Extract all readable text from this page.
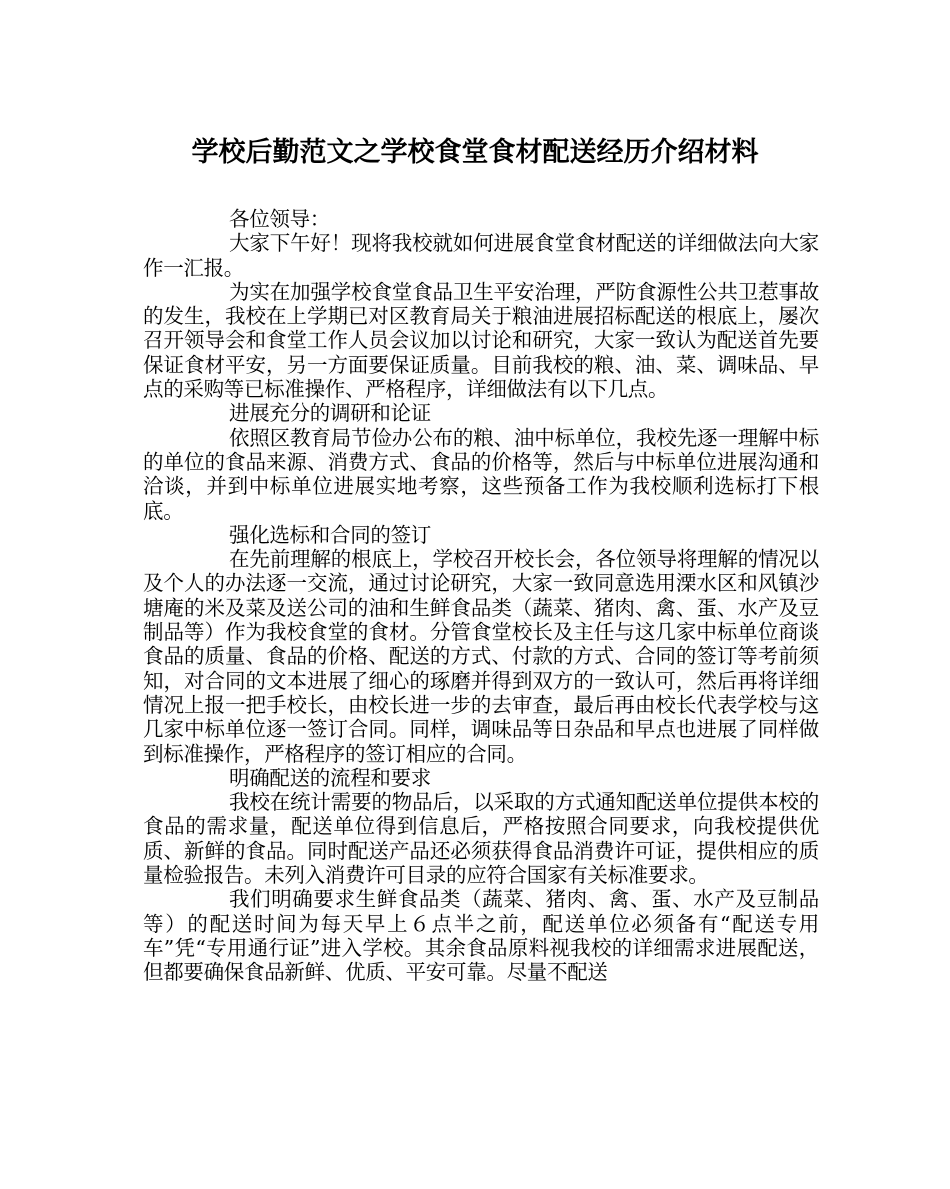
学校后勤范文之学校食堂食材配送经历介绍材料

各位领导：

大家下午好！现将我校就如何进展食堂食材配送的详细做法向大家作一汇报。

为实在加强学校食堂食品卫生平安治理，严防食源性公共卫惹事故的发生，我校在上学期已对区教育局关于粮油进展招标配送的根底上，屡次召开领导会和食堂工作人员会议加以讨论和研究，大家一致认为配送首先要保证食材平安，另一方面要保证质量。目前我校的粮、油、菜、调味品、早点的采购等已标准操作、严格程序，详细做法有以下几点。

进展充分的调研和论证

依照区教育局节俭办公布的粮、油中标单位，我校先逐一理解中标的单位的食品来源、消费方式、食品的价格等，然后与中标单位进展沟通和洽谈，并到中标单位进展实地考察，这些预备工作为我校顺利选标打下根底。

强化选标和合同的签订

在先前理解的根底上，学校召开校长会，各位领导将理解的情况以及个人的办法逐一交流，通过讨论研究，大家一致同意选用溧水区和风镇沙塘庵的米及菜及送公司的油和生鲜食品类（蔬菜、猪肉、禽、蛋、水产及豆制品等）作为我校食堂的食材。分管食堂校长及主任与这几家中标单位商谈食品的质量、食品的价格、配送的方式、付款的方式、合同的签订等考前须知，对合同的文本进展了细心的琢磨并得到双方的一致认可，然后再将详细情况上报一把手校长，由校长进一步的去审查，最后再由校长代表学校与这几家中标单位逐一签订合同。同样，调味品等日杂品和早点也进展了同样做到标准操作，严格程序的签订相应的合同。

明确配送的流程和要求

我校在统计需要的物品后，以采取的方式通知配送单位提供本校的食品的需求量，配送单位得到信息后，严格按照合同要求，向我校提供优质、新鲜的食品。同时配送产品还必须获得食品消费许可证，提供相应的质量检验报告。未列入消费许可目录的应符合国家有关标准要求。

我们明确要求生鲜食品类（蔬菜、猪肉、禽、蛋、水产及豆制品等）的配送时间为每天早上６点半之前，配送单位必须备有“配送专用车”凭“专用通行证”进入学校。其余食品原料视我校的详细需求进展配送，但都要确保食品新鲜、优质、平安可靠。尽量不配送
